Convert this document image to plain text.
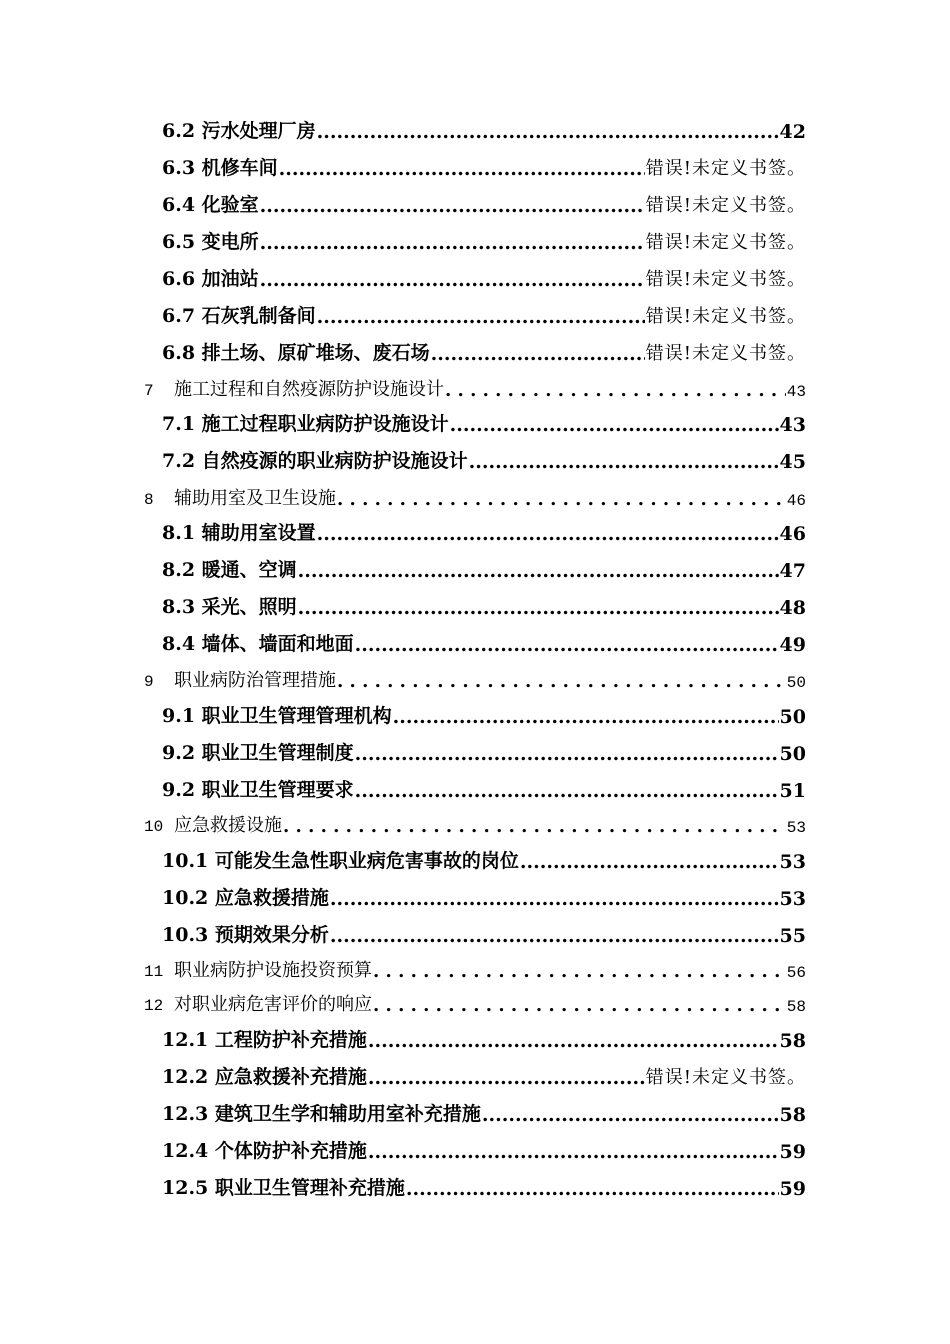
6.2 污水处理厂房 .....	42
6.3 机修车间 .....	错误!未定义书签。
6.4 化验室 .....	错误!未定义书签。
6.5 变电所 .....	错误!未定义书签。
6.6 加油站 .....	错误!未定义书签。
6.7 石灰乳制备间 .....	错误!未定义书签。
6.8 排土场、原矿堆场、废石场 .....	错误!未定义书签。
7 施工过程和自然疫源防护设施设计 . . .	43
7.1 施工过程职业病防护设施设计 .....	43
7.2 自然疫源的职业病防护设施设计 .....	45
8 辅助用室及卫生设施 . . .	46
8.1 辅助用室设置 .....	46
8.2 暖通、空调 .....	47
8.3 采光、照明 .....	48
8.4 墙体、墙面和地面 .....	49
9 职业病防治管理措施 . . .	50
9.1 职业卫生管理管理机构 .....	50
9.2 职业卫生管理制度 .....	50
9.2 职业卫生管理要求 .....	51
10 应急救援设施 . . .	53
10.1 可能发生急性职业病危害事故的岗位 .....	53
10.2 应急救援措施 .....	53
10.3 预期效果分析 .....	55
11 职业病防护设施投资预算 . . .	56
12 对职业病危害评价的响应 . . .	58
12.1 工程防护补充措施 .....	58
12.2 应急救援补充措施 .....	错误!未定义书签。
12.3 建筑卫生学和辅助用室补充措施 .....	58
12.4 个体防护补充措施 .....	59
12.5 职业卫生管理补充措施 .....	59
